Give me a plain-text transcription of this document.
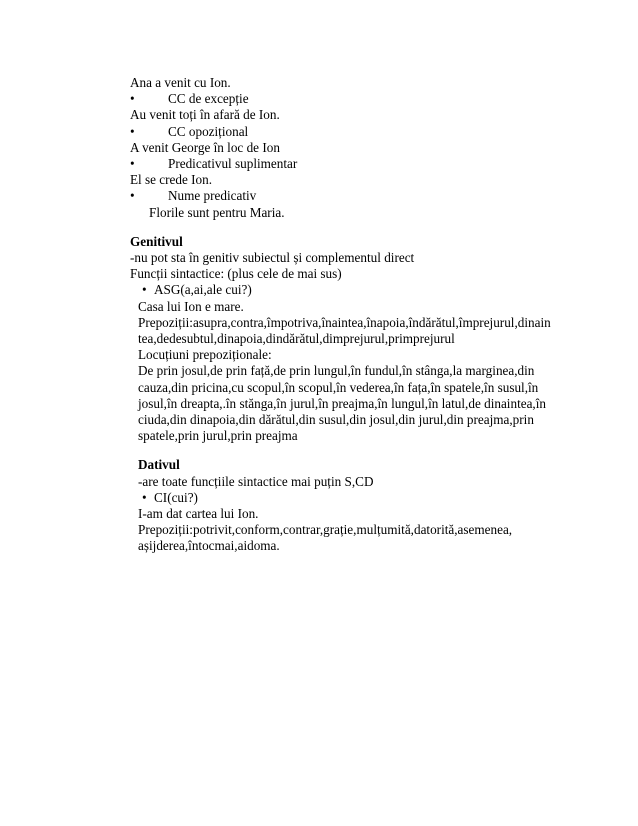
Ana a venit cu Ion.
•	CC de excepție
Au venit toți în afară de Ion.
•	CC opozițional
A venit George în loc de Ion
•	Predicativul suplimentar
El se crede Ion.
•	Nume predicativ
Florile sunt pentru Maria.
Genitivul
-nu pot sta în genitiv subiectul și complementul direct
Funcții sintactice: (plus cele de mai sus)
• ASG(a,ai,ale cui?)
Casa lui Ion e mare.
Prepoziții:asupra,contra,împotriva,înaintea,înapoia,îndărătul,împrejurul,dinain
tea,dedesubtul,dinapoia,dindărătul,dimprejurul,primprejurul
Locuțiuni prepoziționale:
De prin josul,de prin față,de prin lungul,în fundul,în stânga,la marginea,din
cauza,din pricina,cu scopul,în scopul,în vederea,în fața,în spatele,în susul,în
josul,în dreapta,.în stănga,în jurul,în preajma,în lungul,în latul,de dinaintea,în
ciuda,din dinapoia,din dărătul,din susul,din josul,din jurul,din preajma,prin
spatele,prin jurul,prin preajma
Dativul
-are toate funcțiile sintactice mai puțin S,CD
• CI(cui?)
I-am dat cartea lui Ion.
Prepoziții:potrivit,conform,contrar,grație,mulțumită,datorită,asemenea,
așijderea,întocmai,aidoma.
